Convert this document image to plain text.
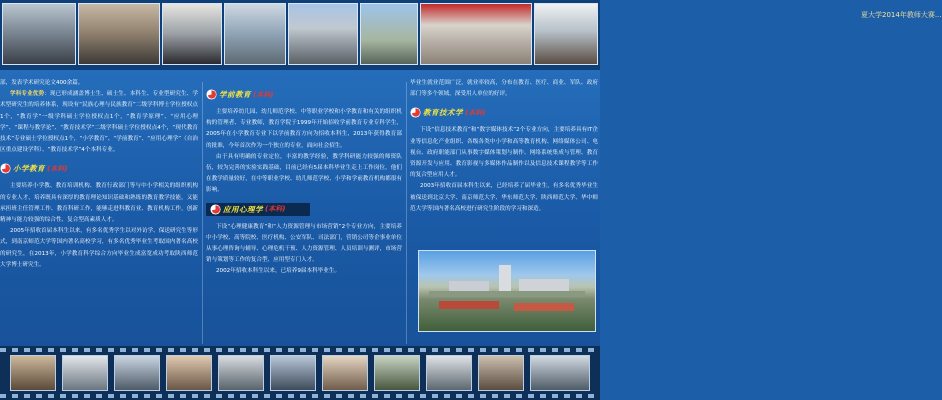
夏大学2014年教师大赛...

部，发表学术研究论文400余篇。

学科专业优势：现已形成涵盖博士生、硕士生、本科生、专业型研究生、学术型研究生的培养体系，现设有“民族心理与民族教育”二级学科博士学位授权点1个，“教育学”一级学科硕士学位授权点1个，“教育学原理”、“应用心理学”、“课程与教学论”、“教育技术学”二级学科硕士学位授权点4个，“现代教育技术”专业硕士学位授权点1个，“小学教育”、“学前教育”、“应用心理学”（自治区重点建设学科）、“教育技术学”4个本科专业。

小学教育 (本科)

主要培养小学教、教育培训机构、教育行政部门等与中小学相关的组织机构的专业人才，培养既具有深厚的教育理论知识基础和熟练的教育教学技能，又能承担班主任管理工作、教育科研工作，能够走进科教育业、教育机构工作，创新精神与能力较强的综合性、复合型高素质人才。

2005年招收首届本科生以来，有多名优秀学生以对外访学、保送研究生等形式，到南京师范大学等国内著名高校学习，有多名优秀毕业生考取国内著名高校的研究生，在2013年，小学教育科学综合方向毕业生成富宽成功考取陕西师范大学博士研究生。

学前教育 (本科)

主要培养幼儿园、幼儿师范学校、中等职业学校和小学教育和有关的组织机构的管理者、专业教师，教育学院于1999年开始招收学前教育专业专科学生，2005年在小学教育专业下以学前教育方向为招收本科生，2013年获得教育部的批准，今年首次作为一个独立的专业，面向社会招生。

由于具有明确的专业定位，丰富的教学经验，教学科研能力较强的师资队伍，较为完善的实验实践基础，目前已经有5届本科毕业生走上工作岗位，他们在教学质量较好，在中等职业学校、幼儿师范学校、小学和学前教育机构都很有影响。

应用心理学 (本科)

下设“心理健康教育”和“人力资源管理与市场营销”2个专业方向，主要培养中小学校、高等院校、医疗机构、公安军队、司法部门，营销公司等企事业单位从事心理咨询与辅导、心理危机干预、人力资源管理、人员培训与测评，市场营销与策划等工作的复合型、应用型专门人才。

2002年招收本科生以来，已培养9届本科毕业生。

毕业生就业范围广泛，就业率较高，分布在教育、医疗、商业、军队、政府部门等多个领域，深受用人单位的好评。

教育技术学 (本科)

下设“信息技术教育”和“数字媒体技术”2个专业方向，主要培养具有IT企业等信息化产业组织、各级各类中小学和高等教育机构、网络媒体公司、电视台、政府职能部门从事数字媒体策划与制作、网络系统集成与管理、教育资源开发与应用、教育影视与多媒体作品制作以及信息技术课程教学等工作的复合型应用人才。

2003年招收首届本科生以来，已经培养了届毕业生，有多名优秀毕业生被保送到北京大学、南京师范大学、华东师范大学、陕西师范大学、华中师范大学等国内著名高校进行研究生阶段的学习和深造。
